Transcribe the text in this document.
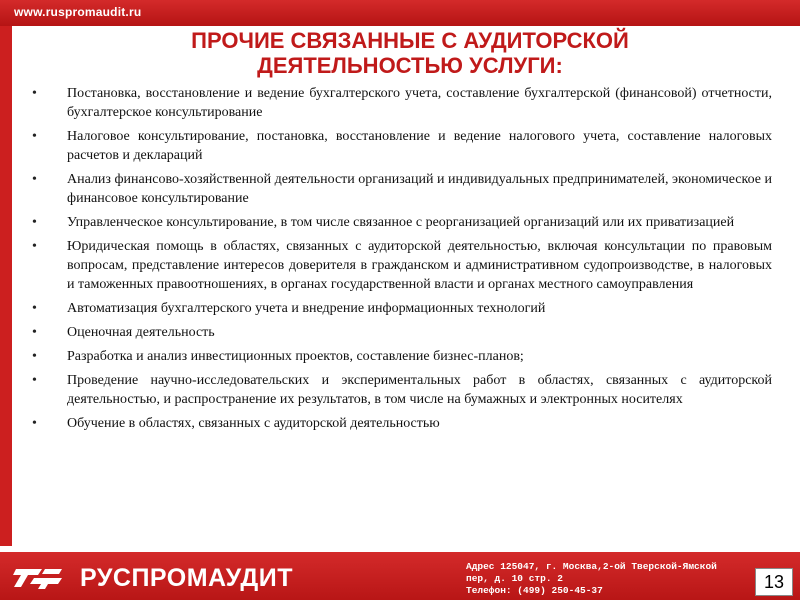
www.ruspromaudit.ru
ПРОЧИЕ СВЯЗАННЫЕ С АУДИТОРСКОЙ
ДЕЯТЕЛЬНОСТЬЮ УСЛУГИ:
• Постановка, восстановление и ведение бухгалтерского учета, составление бухгалтерской (финансовой) отчетности, бухгалтерское консультирование
• Налоговое консультирование, постановка, восстановление и ведение налогового учета, составление налоговых расчетов и деклараций
• Анализ финансово-хозяйственной деятельности организаций и индивидуальных предпринимателей, экономическое и финансовое консультирование
• Управленческое консультирование, в том числе связанное с реорганизацией организаций или их приватизацией
• Юридическая помощь в областях, связанных с аудиторской деятельностью, включая консультации по правовым вопросам, представление интересов доверителя в гражданском и административном судопроизводстве, в налоговых и таможенных правоотношениях, в органах государственной власти и органах местного самоуправления
• Автоматизация бухгалтерского учета и внедрение информационных технологий
• Оценочная деятельность
• Разработка и анализ инвестиционных проектов, составление бизнес-планов;
• Проведение научно-исследовательских и экспериментальных работ в областях, связанных с аудиторской деятельностью, и распространение их результатов, в том числе на бумажных и электронных носителях
• Обучение в областях, связанных с аудиторской деятельностью
РУСПРОМАУДИТ	Адрес 125047, г. Москва,2-ой Тверской-Ямской
пер, д. 10 стр. 2
Телефон: (499) 250-45-37	13
